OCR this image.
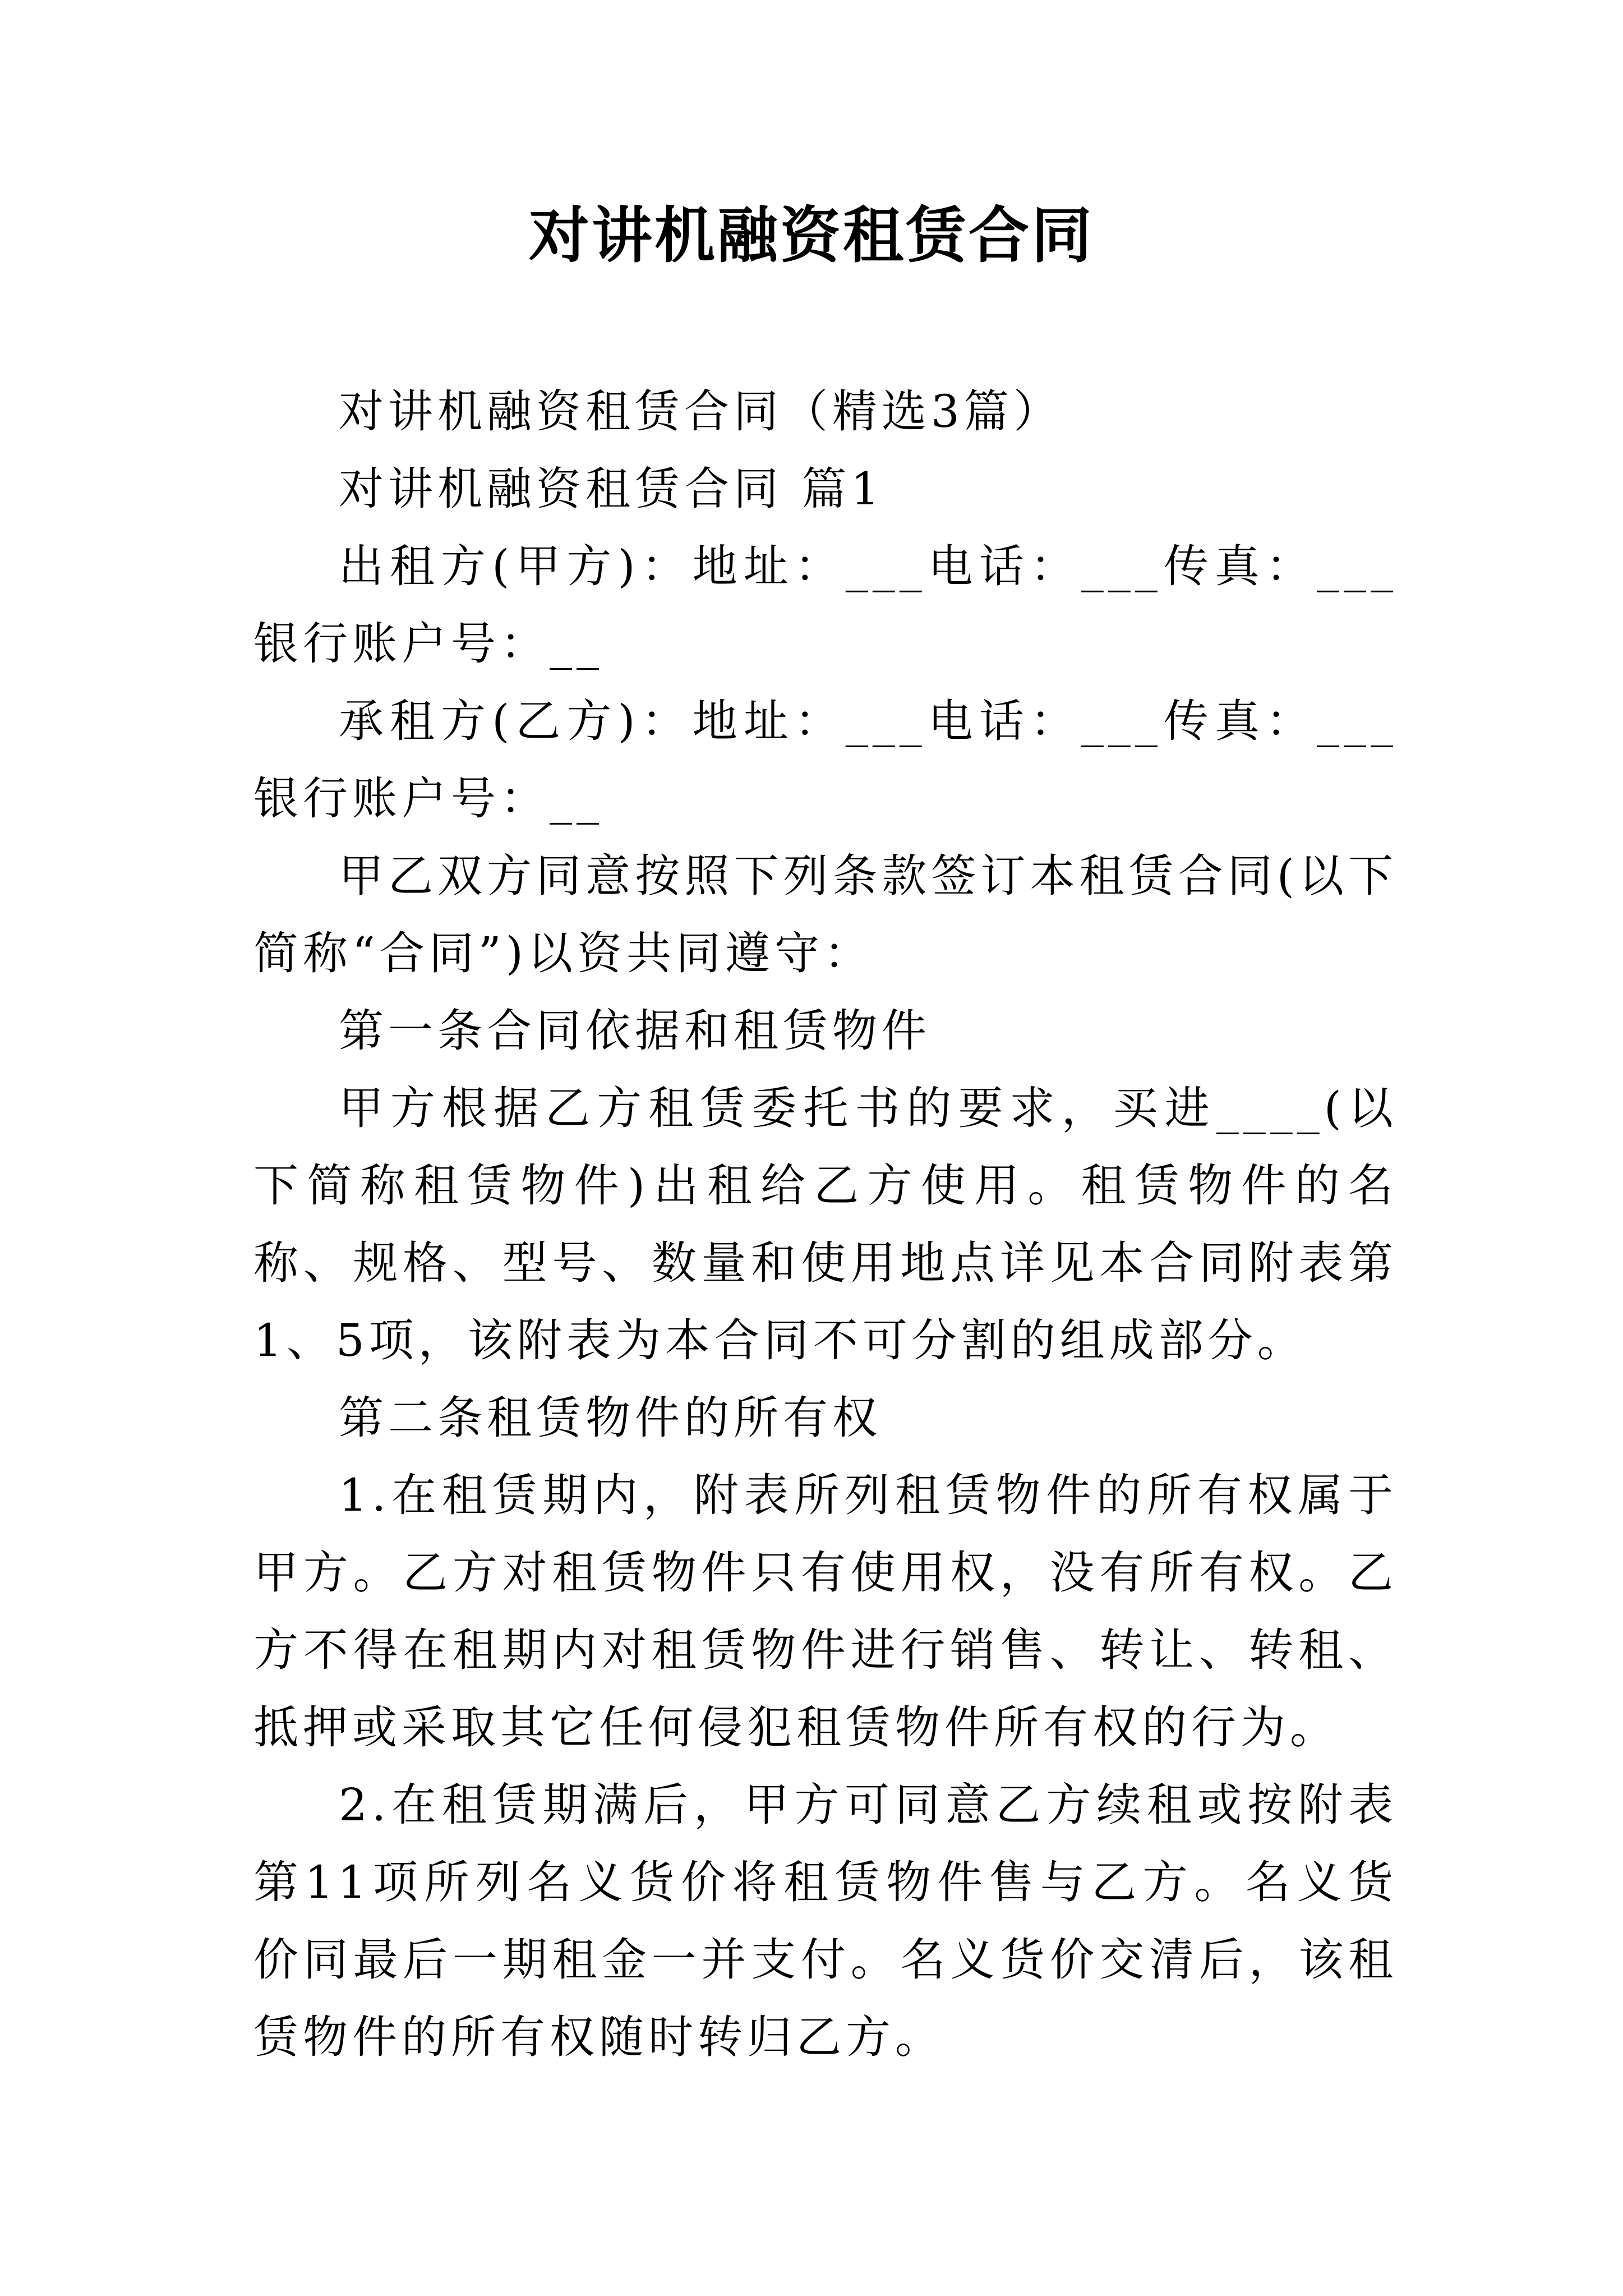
对讲机融资租赁合同

对讲机融资租赁合同（精选3篇）

对讲机融资租赁合同 篇1

出租方(甲方)：地址：___电话：___传真：___银行账户号：__

承租方(乙方)：地址：___电话：___传真：___银行账户号：__

甲乙双方同意按照下列条款签订本租赁合同(以下简称“合同”)以资共同遵守：

第一条合同依据和租赁物件

甲方根据乙方租赁委托书的要求，买进____(以下简称租赁物件)出租给乙方使用。租赁物件的名称、规格、型号、数量和使用地点详见本合同附表第1、5项，该附表为本合同不可分割的组成部分。

第二条租赁物件的所有权

1.在租赁期内，附表所列租赁物件的所有权属于甲方。乙方对租赁物件只有使用权，没有所有权。乙方不得在租期内对租赁物件进行销售、转让、转租、抵押或采取其它任何侵犯租赁物件所有权的行为。

2.在租赁期满后，甲方可同意乙方续租或按附表第11项所列名义货价将租赁物件售与乙方。名义货价同最后一期租金一并支付。名义货价交清后，该租赁物件的所有权随时转归乙方。
